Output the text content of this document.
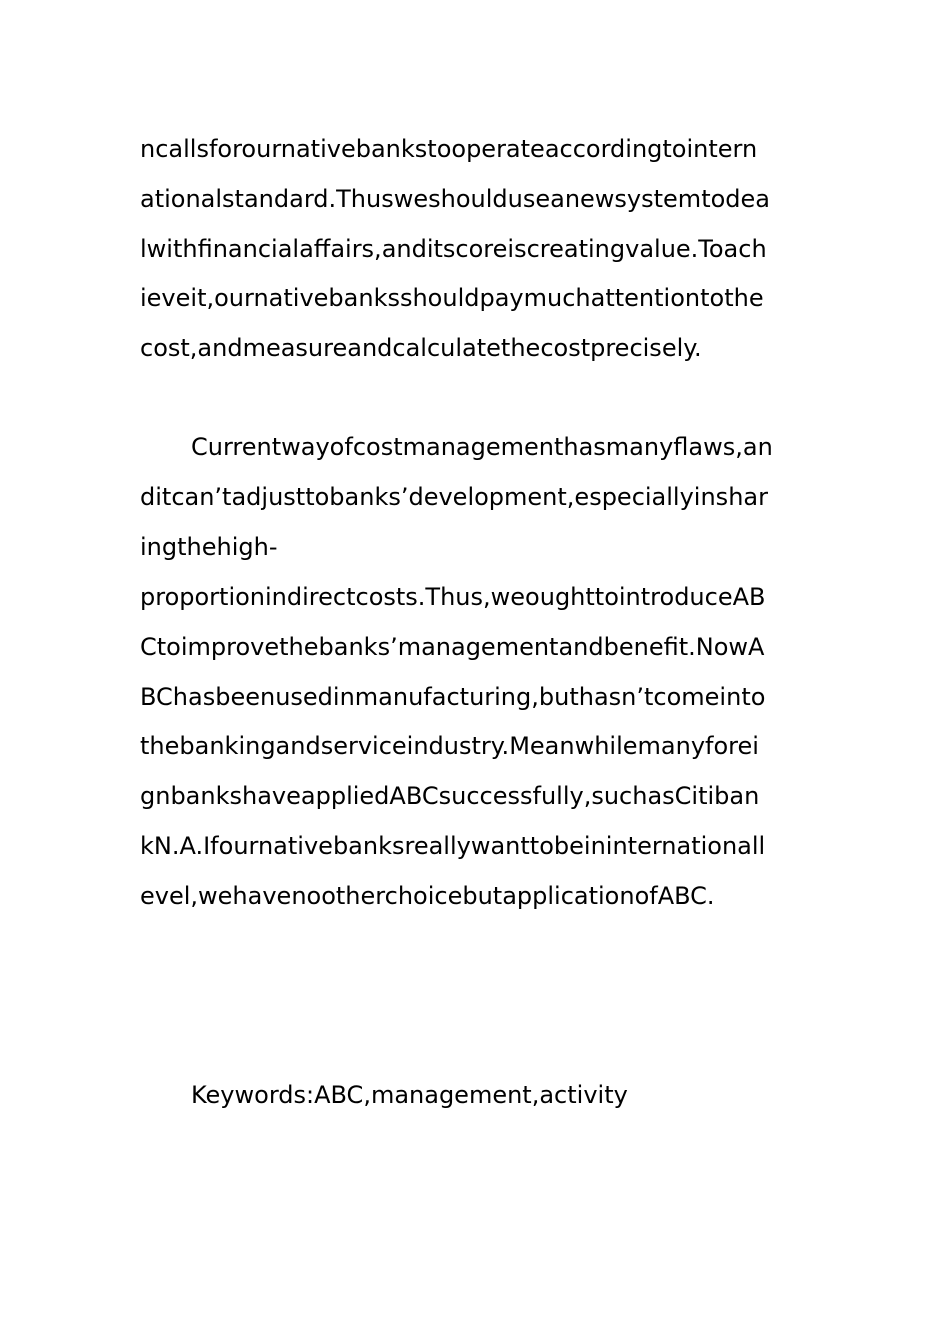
ncallsforournativebankstooperateaccordingtointern

ationalstandard.Thusweshoulduseanewsystemtodea

lwithfinancialaffairs,anditscoreiscreatingvalue.Toach

ieveit,ournativebanksshouldpaymuchattentiontothe

cost,andmeasureandcalculatethecostprecisely.

Currentwayofcostmanagementhasmanyflaws,an

ditcan’tadjusttobanks’development,especiallyinshar

ingthehigh-

proportionindirectcosts.Thus,weoughttointroduceAB

Ctoimprovethebanks’managementandbenefit.NowA

BChasbeenusedinmanufacturing,buthasn’tcomeinto

thebankingandserviceindustry.Meanwhilemanyforei

gnbankshaveappliedABCsuccessfully,suchasCitiban

kN.A.Ifournativebanksreallywanttobeininternationall

evel,wehavenootherchoicebutapplicationofABC.

Keywords:ABC,management,activity
